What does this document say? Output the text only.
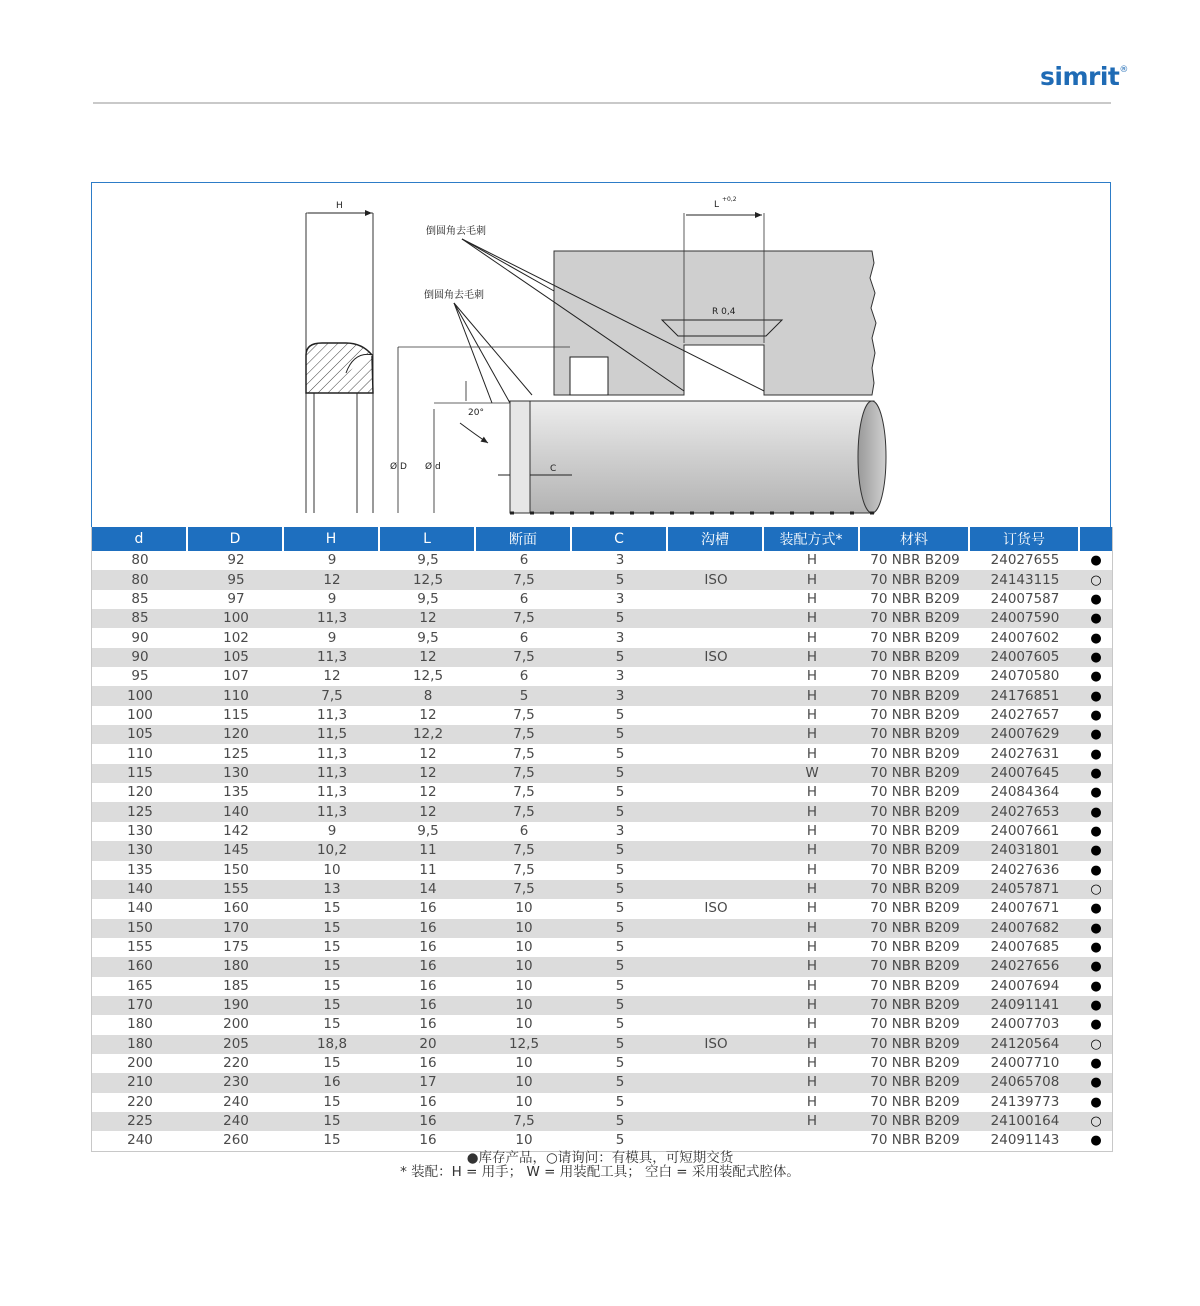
simrit®
R 0,4
H	L
+0,2
倒圆角去毛刺
倒圆角去毛刺
Ø D Ø d
20°
C
d	D	H	L	断面	C	沟槽	装配方式*	材料	订货号	
80	92	9	9,5	6	3		H	70 NBR B209	24027655	●
80	95	12	12,5	7,5	5	ISO	H	70 NBR B209	24143115	○
85	97	9	9,5	6	3		H	70 NBR B209	24007587	●
85	100	11,3	12	7,5	5		H	70 NBR B209	24007590	●
90	102	9	9,5	6	3		H	70 NBR B209	24007602	●
90	105	11,3	12	7,5	5	ISO	H	70 NBR B209	24007605	●
95	107	12	12,5	6	3		H	70 NBR B209	24070580	●
100	110	7,5	8	5	3		H	70 NBR B209	24176851	●
100	115	11,3	12	7,5	5		H	70 NBR B209	24027657	●
105	120	11,5	12,2	7,5	5		H	70 NBR B209	24007629	●
110	125	11,3	12	7,5	5		H	70 NBR B209	24027631	●
115	130	11,3	12	7,5	5		W	70 NBR B209	24007645	●
120	135	11,3	12	7,5	5		H	70 NBR B209	24084364	●
125	140	11,3	12	7,5	5		H	70 NBR B209	24027653	●
130	142	9	9,5	6	3		H	70 NBR B209	24007661	●
130	145	10,2	11	7,5	5		H	70 NBR B209	24031801	●
135	150	10	11	7,5	5		H	70 NBR B209	24027636	●
140	155	13	14	7,5	5		H	70 NBR B209	24057871	○
140	160	15	16	10	5	ISO	H	70 NBR B209	24007671	●
150	170	15	16	10	5		H	70 NBR B209	24007682	●
155	175	15	16	10	5		H	70 NBR B209	24007685	●
160	180	15	16	10	5		H	70 NBR B209	24027656	●
165	185	15	16	10	5		H	70 NBR B209	24007694	●
170	190	15	16	10	5		H	70 NBR B209	24091141	●
180	200	15	16	10	5		H	70 NBR B209	24007703	●
180	205	18,8	20	12,5	5	ISO	H	70 NBR B209	24120564	○
200	220	15	16	10	5		H	70 NBR B209	24007710	●
210	230	16	17	10	5		H	70 NBR B209	24065708	●
220	240	15	16	10	5		H	70 NBR B209	24139773	●
225	240	15	16	7,5	5		H	70 NBR B209	24100164	○
240	260	15	16	10	5			70 NBR B209	24091143	●
●库存产品，○请询问：有模具，可短期交货
* 装配：H = 用手； W = 用装配工具； 空白 = 采用装配式腔体。
